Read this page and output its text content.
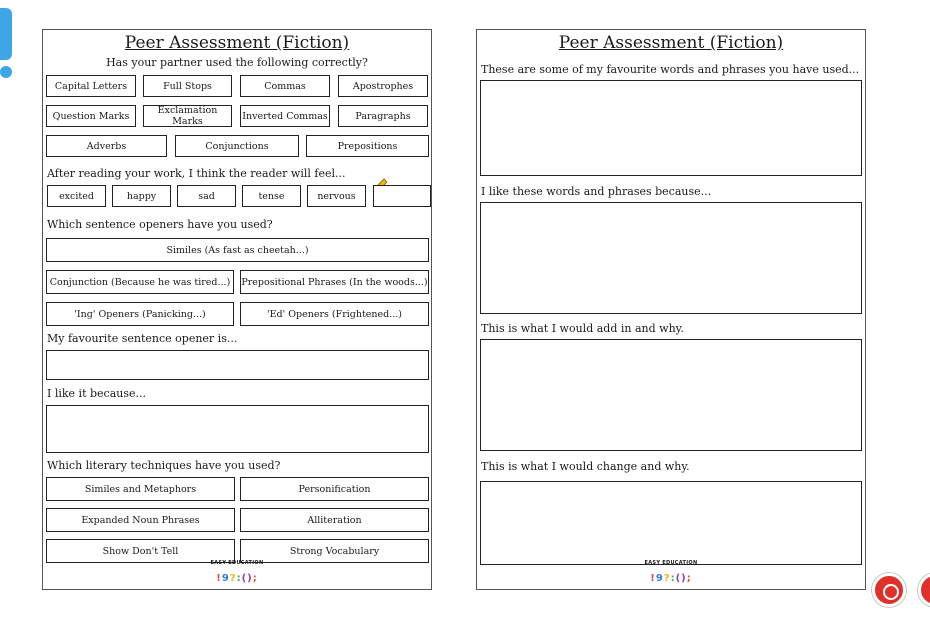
Peer Assessment (Fiction)
Has your partner used the following correctly?
Capital Letters	Full Stops	Commas	Apostrophes
Question Marks	Exclamation Marks	Inverted Commas	Paragraphs
Adverbs	Conjunctions	Prepositions
After reading your work, I think the reader will feel...
excited	happy	sad	tense	nervous
Which sentence openers have you used?
Similes (As fast as cheetah...)
Conjunction (Because he was tired...)	Prepositional Phrases (In the woods...)
'Ing' Openers (Panicking...)	'Ed' Openers (Frightened...)
My favourite sentence opener is...
I like it because...
Which literary techniques have you used?
Similes and Metaphors	Personification
Expanded Noun Phrases	Alliteration
Show Don't Tell	Strong Vocabulary
EASY EDUCATION
!9?:();
Peer Assessment (Fiction)
These are some of my favourite words and phrases you have used...
I like these words and phrases because...
This is what I would add in and why.
This is what I would change and why.
EASY EDUCATION
!9?:();
